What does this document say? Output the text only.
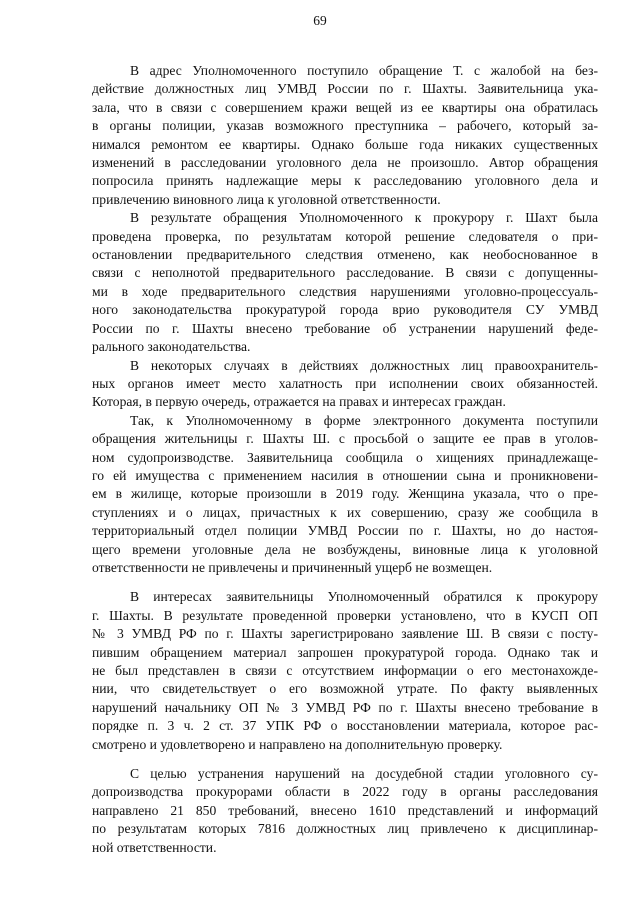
69
В адрес Уполномоченного поступило обращение Т. с жалобой на без-
действие должностных лиц УМВД России по г. Шахты. Заявительница ука-
зала, что в связи с совершением кражи вещей из ее квартиры она обратилась
в органы полиции, указав возможного преступника – рабочего, который за-
нимался ремонтом ее квартиры. Однако больше года никаких существенных
изменений в расследовании уголовного дела не произошло. Автор обращения
попросила принять надлежащие меры к расследованию уголовного дела и
привлечению виновного лица к уголовной ответственности.
В результате обращения Уполномоченного к прокурору г. Шахт была
проведена проверка, по результатам которой решение следователя о при-
остановлении предварительного следствия отменено, как необоснованное в
связи с неполнотой предварительного расследование. В связи с допущенны-
ми в ходе предварительного следствия нарушениями уголовно-процессуаль-
ного законодательства прокуратурой города врио руководителя СУ УМВД
России по г. Шахты внесено требование об устранении нарушений феде-
рального законодательства.
В некоторых случаях в действиях должностных лиц правоохранитель-
ных органов имеет место халатность при исполнении своих обязанностей.
Которая, в первую очередь, отражается на правах и интересах граждан.
Так, к Уполномоченному в форме электронного документа поступили
обращения жительницы г. Шахты Ш. с просьбой о защите ее прав в уголов-
ном судопроизводстве. Заявительница сообщила о хищениях принадлежаще-
го ей имущества с применением насилия в отношении сына и проникновени-
ем в жилище, которые произошли в 2019 году. Женщина указала, что о пре-
ступлениях и о лицах, причастных к их совершению, сразу же сообщила в
территориальный отдел полиции УМВД России по г. Шахты, но до настоя-
щего времени уголовные дела не возбуждены, виновные лица к уголовной
ответственности не привлечены и причиненный ущерб не возмещен.
В интересах заявительницы Уполномоченный обратился к прокурору
г. Шахты. В результате проведенной проверки установлено, что в КУСП ОП
№ 3 УМВД РФ по г. Шахты зарегистрировано заявление Ш. В связи с посту-
пившим обращением материал запрошен прокуратурой города. Однако так и
не был представлен в связи с отсутствием информации о его местонахожде-
нии, что свидетельствует о его возможной утрате. По факту выявленных
нарушений начальнику ОП № 3 УМВД РФ по г. Шахты внесено требование в
порядке п. 3 ч. 2 ст. 37 УПК РФ о восстановлении материала, которое рас-
смотрено и удовлетворено и направлено на дополнительную проверку.
С целью устранения нарушений на досудебной стадии уголовного су-
допроизводства прокурорами области в 2022 году в органы расследования
направлено 21 850 требований, внесено 1610 представлений и информаций
по результатам которых 7816 должностных лиц привлечено к дисциплинар-
ной ответственности.
